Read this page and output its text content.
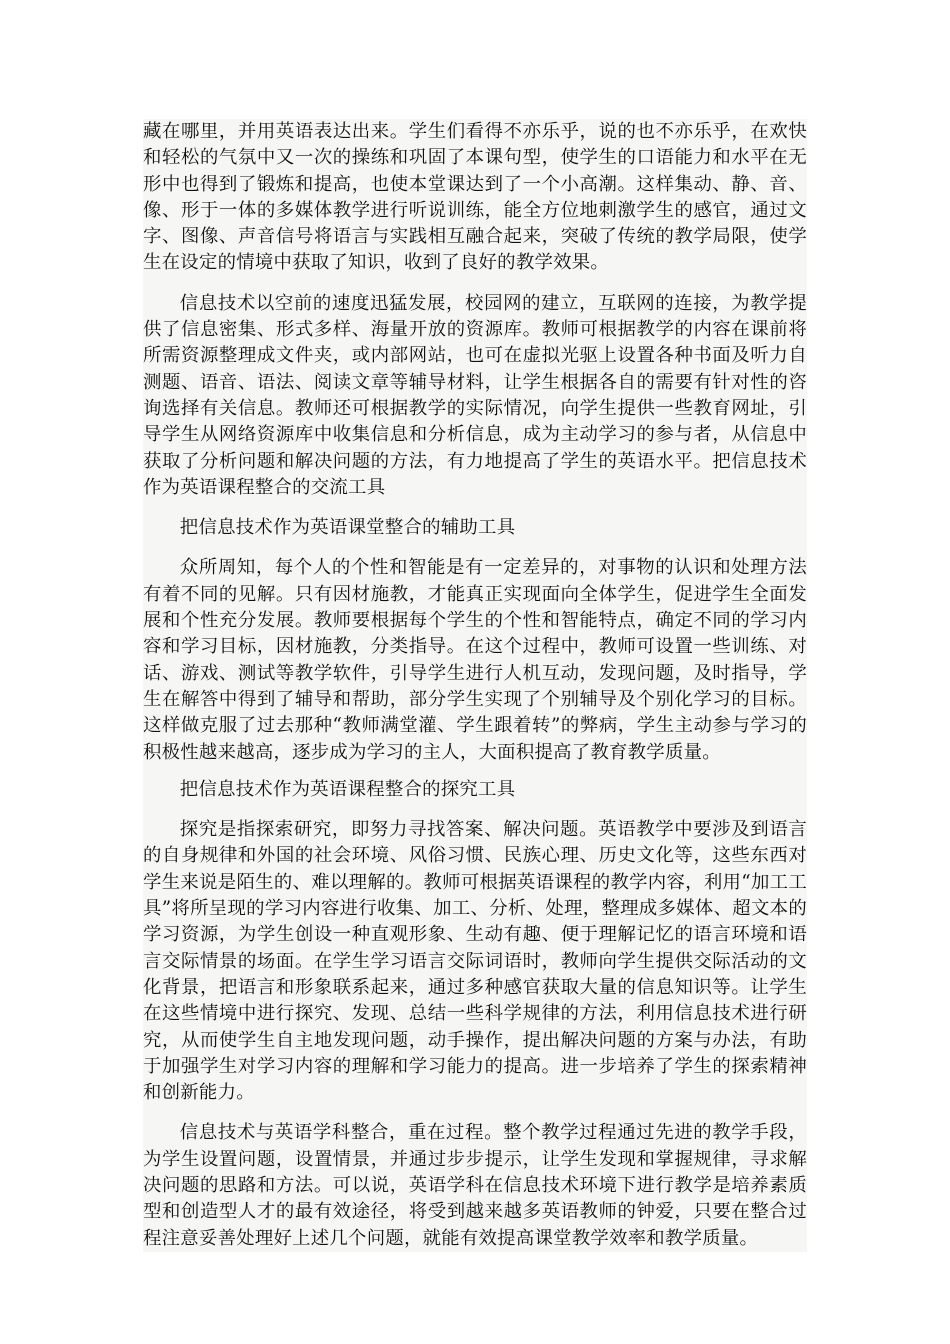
藏在哪里，并用英语表达出来。学生们看得不亦乐乎，说的也不亦乐乎，在欢快和轻松的气氛中又一次的操练和巩固了本课句型，使学生的口语能力和水平在无形中也得到了锻炼和提高，也使本堂课达到了一个小高潮。这样集动、静、音、像、形于一体的多媒体教学进行听说训练，能全方位地刺激学生的感官，通过文字、图像、声音信号将语言与实践相互融合起来，突破了传统的教学局限，使学生在设定的情境中获取了知识，收到了良好的教学效果。

信息技术以空前的速度迅猛发展，校园网的建立，互联网的连接，为教学提供了信息密集、形式多样、海量开放的资源库。教师可根据教学的内容在课前将所需资源整理成文件夹，或内部网站，也可在虚拟光驱上设置各种书面及听力自测题、语音、语法、阅读文章等辅导材料，让学生根据各自的需要有针对性的咨询选择有关信息。教师还可根据教学的实际情况，向学生提供一些教育网址，引导学生从网络资源库中收集信息和分析信息，成为主动学习的参与者，从信息中获取了分析问题和解决问题的方法，有力地提高了学生的英语水平。把信息技术作为英语课程整合的交流工具

把信息技术作为英语课堂整合的辅助工具

众所周知，每个人的个性和智能是有一定差异的，对事物的认识和处理方法有着不同的见解。只有因材施教，才能真正实现面向全体学生，促进学生全面发展和个性充分发展。教师要根据每个学生的个性和智能特点，确定不同的学习内容和学习目标，因材施教，分类指导。在这个过程中，教师可设置一些训练、对话、游戏、测试等教学软件，引导学生进行人机互动，发现问题，及时指导，学生在解答中得到了辅导和帮助，部分学生实现了个别辅导及个别化学习的目标。这样做克服了过去那种“教师满堂灌、学生跟着转”的弊病，学生主动参与学习的积极性越来越高，逐步成为学习的主人，大面积提高了教育教学质量。

把信息技术作为英语课程整合的探究工具

探究是指探索研究，即努力寻找答案、解决问题。英语教学中要涉及到语言的自身规律和外国的社会环境、风俗习惯、民族心理、历史文化等，这些东西对学生来说是陌生的、难以理解的。教师可根据英语课程的教学内容，利用“加工工具”将所呈现的学习内容进行收集、加工、分析、处理，整理成多媒体、超文本的学习资源，为学生创设一种直观形象、生动有趣、便于理解记忆的语言环境和语言交际情景的场面。在学生学习语言交际词语时，教师向学生提供交际活动的文化背景，把语言和形象联系起来，通过多种感官获取大量的信息知识等。让学生在这些情境中进行探究、发现、总结一些科学规律的方法，利用信息技术进行研究，从而使学生自主地发现问题，动手操作，提出解决问题的方案与办法，有助于加强学生对学习内容的理解和学习能力的提高。进一步培养了学生的探索精神和创新能力。

信息技术与英语学科整合，重在过程。整个教学过程通过先进的教学手段，为学生设置问题，设置情景，并通过步步提示，让学生发现和掌握规律，寻求解决问题的思路和方法。可以说，英语学科在信息技术环境下进行教学是培养素质型和创造型人才的最有效途径，将受到越来越多英语教师的钟爱，只要在整合过程注意妥善处理好上述几个问题，就能有效提高课堂教学效率和教学质量。
